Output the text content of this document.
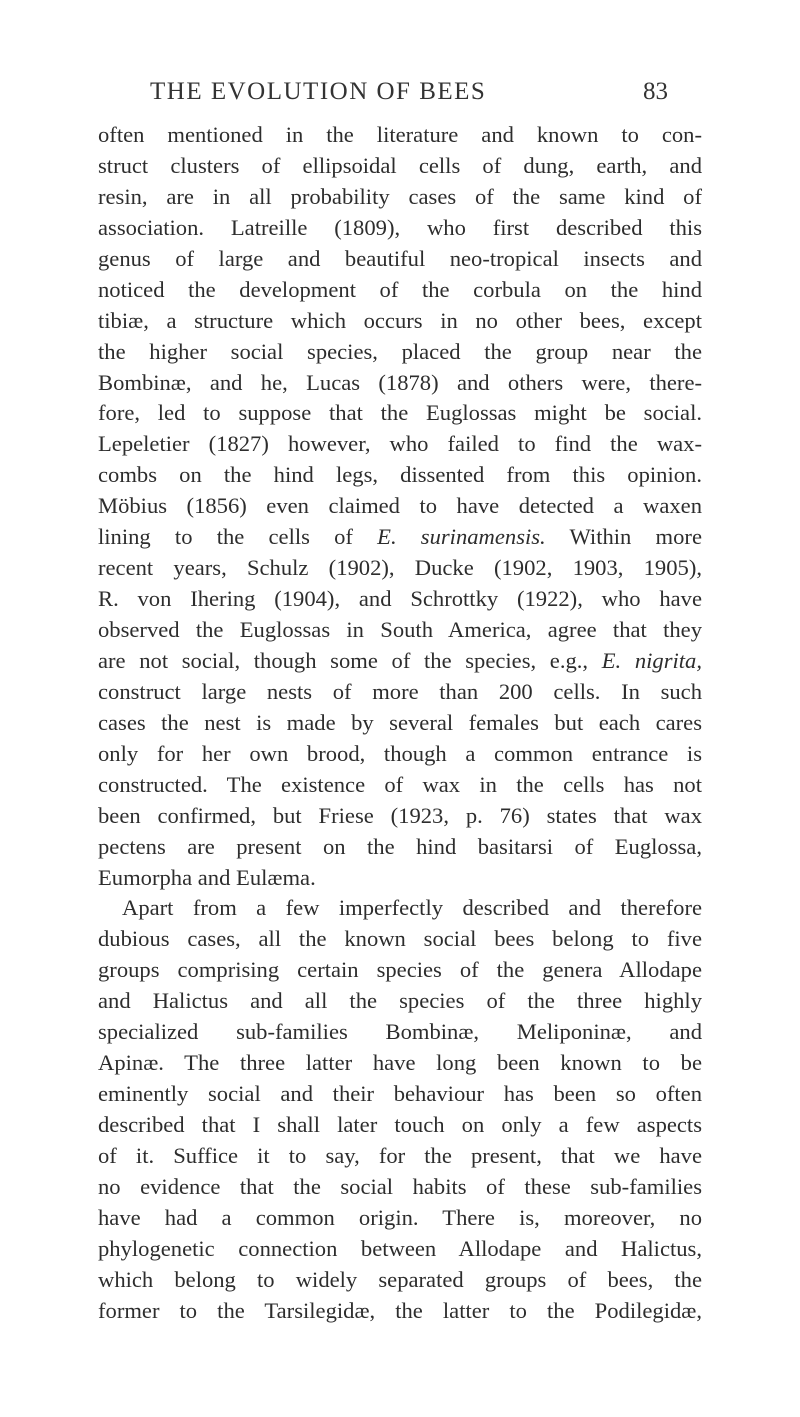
THE EVOLUTION OF BEES	83
often mentioned in the literature and known to con-
struct clusters of ellipsoidal cells of dung, earth, and
resin, are in all probability cases of the same kind of
association. Latreille (1809), who first described this
genus of large and beautiful neo-tropical insects and
noticed the development of the corbula on the hind
tibiæ, a structure which occurs in no other bees, except
the higher social species, placed the group near the
Bombinæ, and he, Lucas (1878) and others were, there-
fore, led to suppose that the Euglossas might be social.
Lepeletier (1827) however, who failed to find the wax-
combs on the hind legs, dissented from this opinion.
Möbius (1856) even claimed to have detected a waxen
lining to the cells of E. surinamensis. Within more
recent years, Schulz (1902), Ducke (1902, 1903, 1905),
R. von Ihering (1904), and Schrottky (1922), who have
observed the Euglossas in South America, agree that they
are not social, though some of the species, e.g., E. nigrita,
construct large nests of more than 200 cells. In such
cases the nest is made by several females but each cares
only for her own brood, though a common entrance is
constructed. The existence of wax in the cells has not
been confirmed, but Friese (1923, p. 76) states that wax
pectens are present on the hind basitarsi of Euglossa,
Eumorpha and Eulæma.
Apart from a few imperfectly described and therefore
dubious cases, all the known social bees belong to five
groups comprising certain species of the genera Allodape
and Halictus and all the species of the three highly
specialized sub-families Bombinæ, Meliponinæ, and
Apinæ. The three latter have long been known to be
eminently social and their behaviour has been so often
described that I shall later touch on only a few aspects
of it. Suffice it to say, for the present, that we have
no evidence that the social habits of these sub-families
have had a common origin. There is, moreover, no
phylogenetic connection between Allodape and Halictus,
which belong to widely separated groups of bees, the
former to the Tarsilegidæ, the latter to the Podilegidæ,
